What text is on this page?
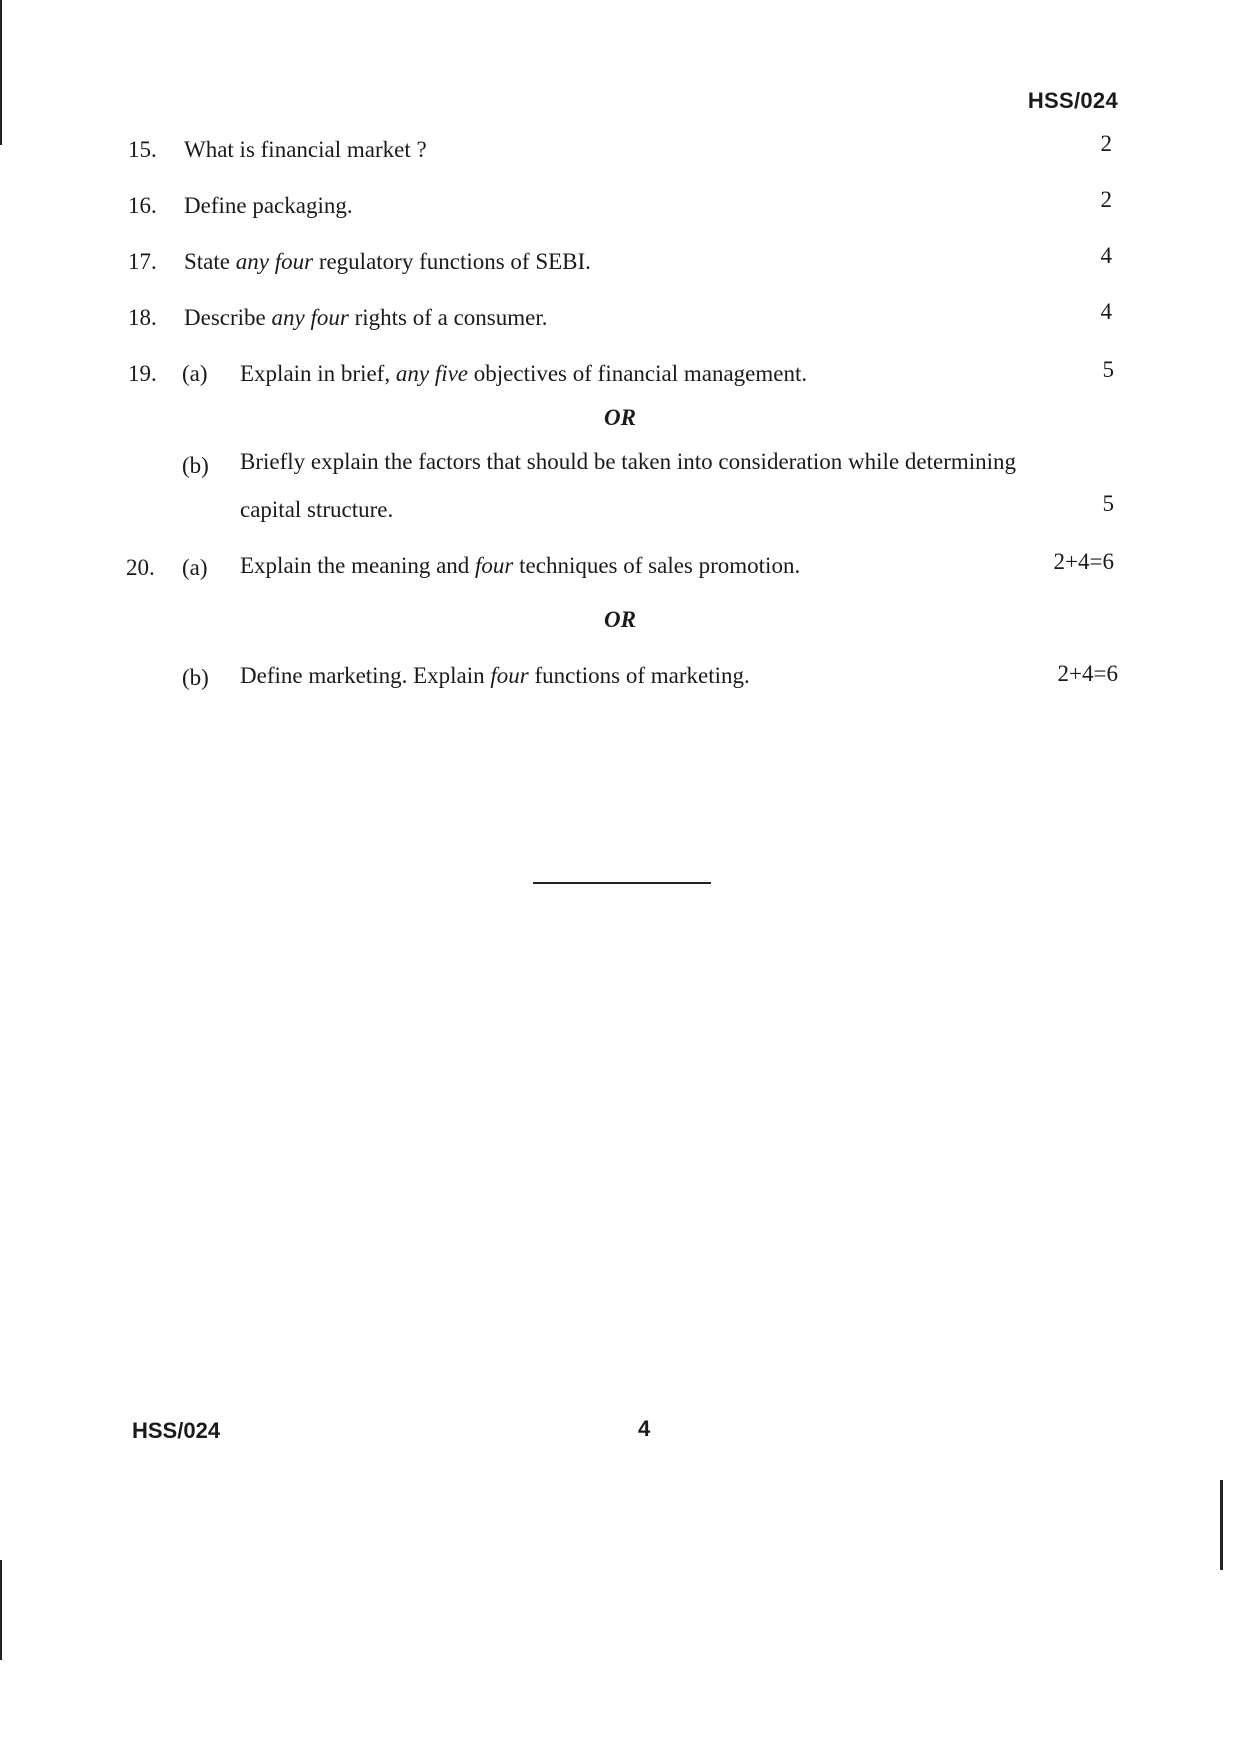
HSS/024
15. What is financial market ?	2
16. Define packaging.	2
17. State any four regulatory functions of SEBI.	4
18. Describe any four rights of a consumer.	4
19. (a) Explain in brief, any five objectives of financial management.	5
OR
(b) Briefly explain the factors that should be taken into consideration while determining
capital structure.	5
20. (a) Explain the meaning and four techniques of sales promotion.	2+4=6
OR
(b) Define marketing. Explain four functions of marketing.	2+4=6
HSS/024	4
